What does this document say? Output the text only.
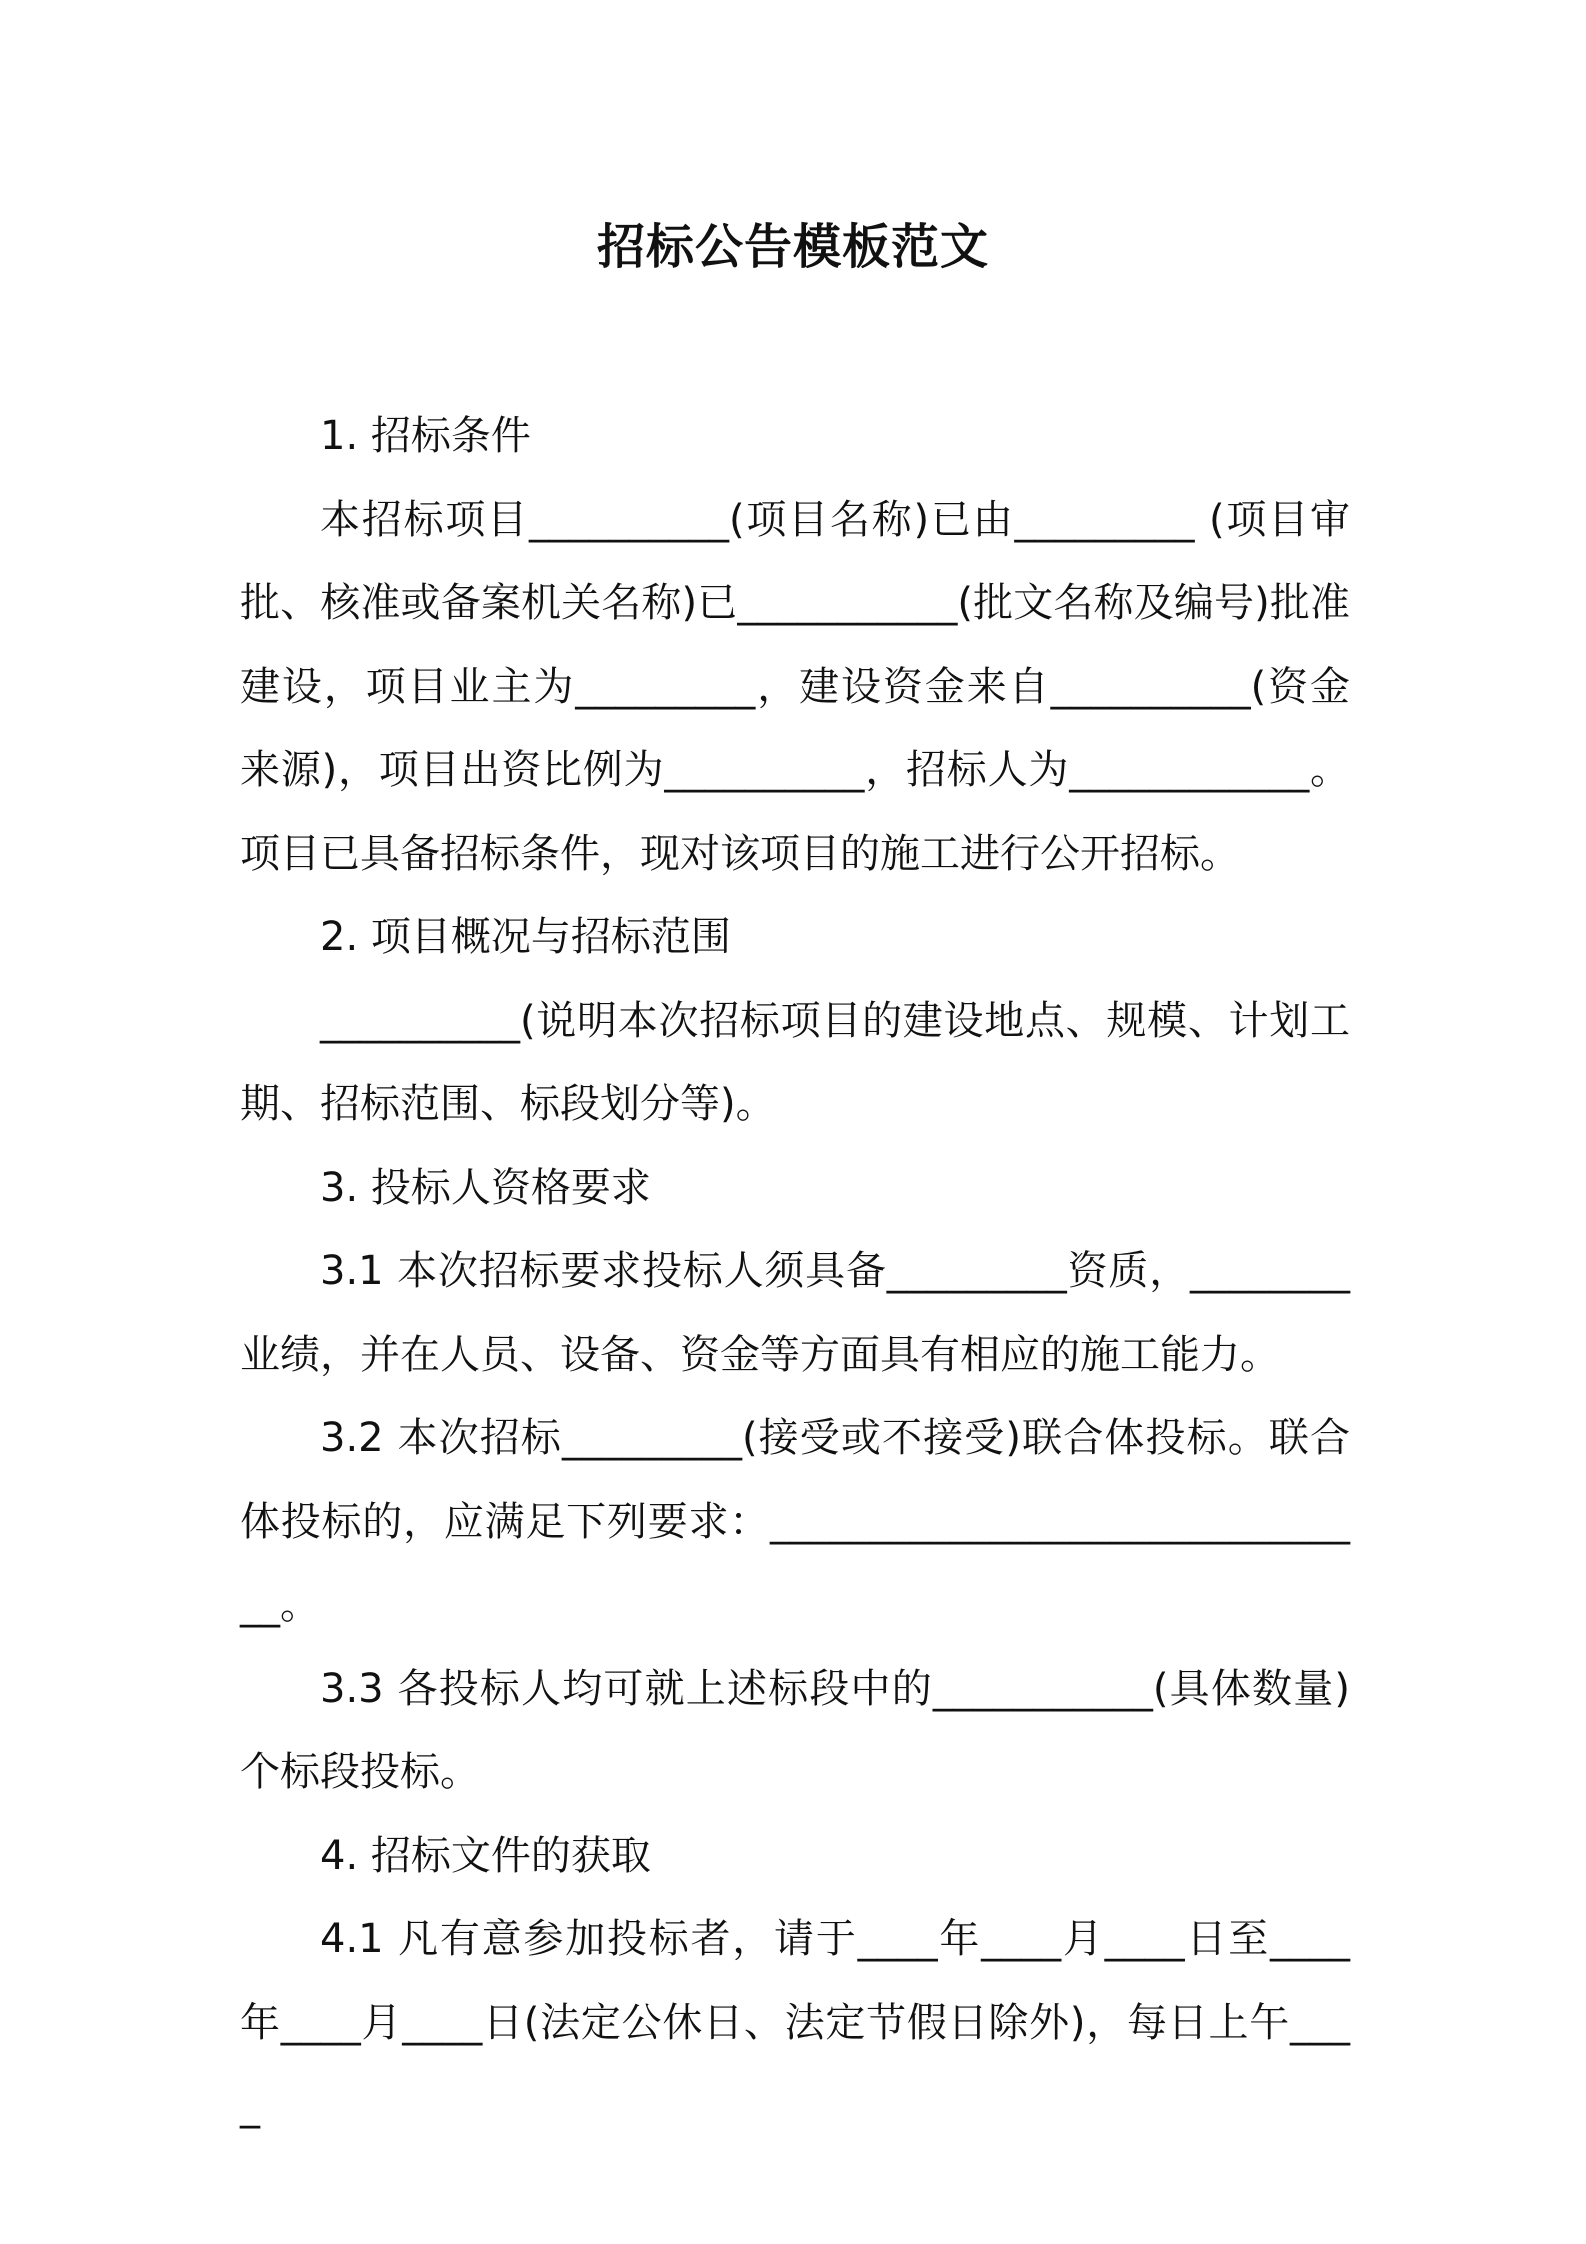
招标公告模板范文

1. 招标条件

本招标项目__________(项目名称)已由_________ (项目审批、核准或备案机关名称)已___________(批文名称及编号)批准建设，项目业主为_________，建设资金来自__________(资金来源)，项目出资比例为__________，招标人为____________。项目已具备招标条件，现对该项目的施工进行公开招标。

2. 项目概况与招标范围

__________(说明本次招标项目的建设地点、规模、计划工期、招标范围、标段划分等)。

3. 投标人资格要求

3.1 本次招标要求投标人须具备_________资质，________业绩，并在人员、设备、资金等方面具有相应的施工能力。

3.2 本次招标_________(接受或不接受)联合体投标。联合体投标的，应满足下列要求：_______________________________。

3.3 各投标人均可就上述标段中的___________(具体数量)个标段投标。

4. 招标文件的获取

4.1 凡有意参加投标者，请于____年____月____日至____年____月____日(法定公休日、法定节假日除外)，每日上午____
